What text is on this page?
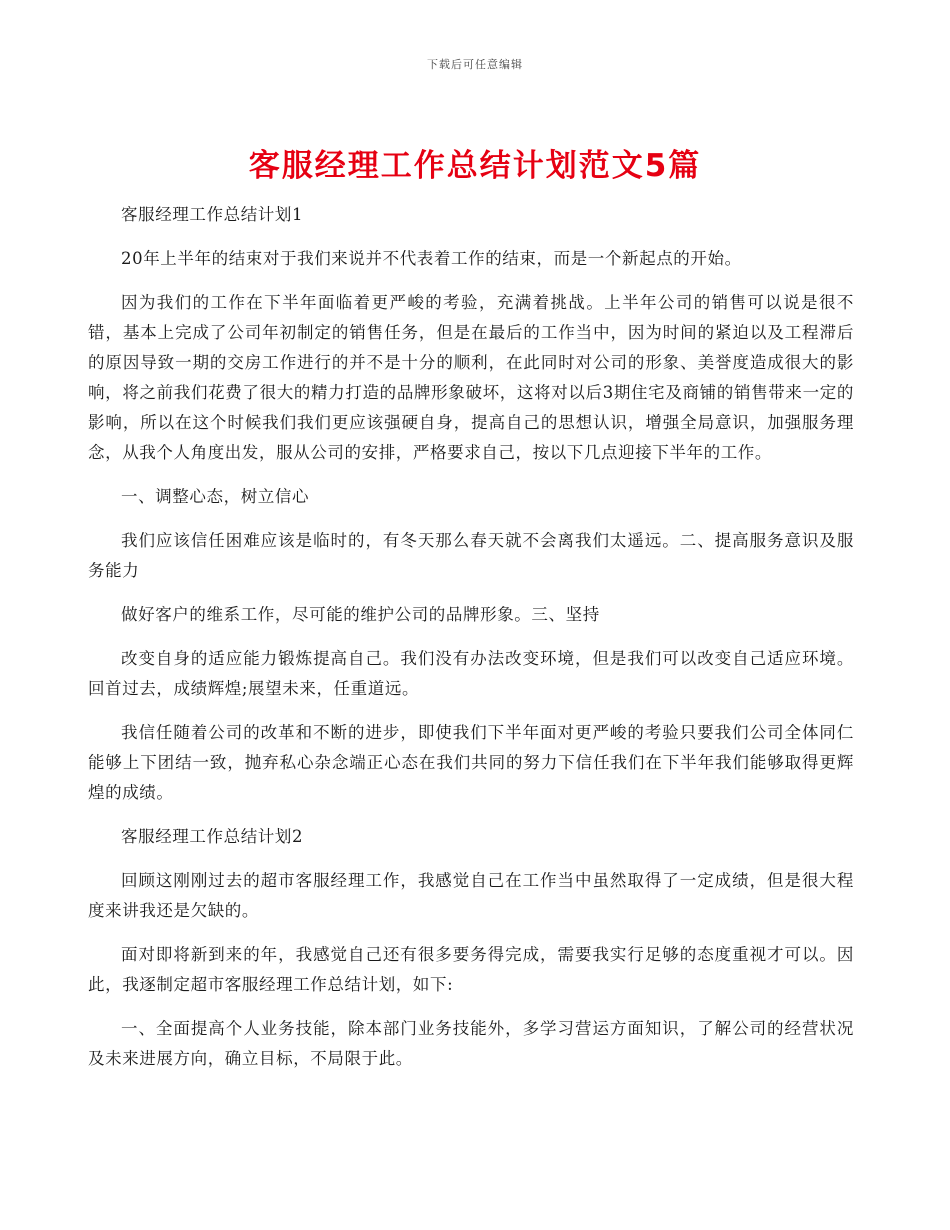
下载后可任意编辑
客服经理工作总结计划范文5篇

客服经理工作总结计划1

20年上半年的结束对于我们来说并不代表着工作的结束，而是一个新起点的开始。

因为我们的工作在下半年面临着更严峻的考验，充满着挑战。上半年公司的销售可以说是很不错，基本上完成了公司年初制定的销售任务，但是在最后的工作当中，因为时间的紧迫以及工程滞后的原因导致一期的交房工作进行的并不是十分的顺利，在此同时对公司的形象、美誉度造成很大的影响，将之前我们花费了很大的精力打造的品牌形象破坏，这将对以后3期住宅及商铺的销售带来一定的影响，所以在这个时候我们我们更应该强硬自身，提高自己的思想认识，增强全局意识，加强服务理念，从我个人角度出发，服从公司的安排，严格要求自己，按以下几点迎接下半年的工作。

一、调整心态，树立信心

我们应该信任困难应该是临时的，有冬天那么春天就不会离我们太遥远。二、提高服务意识及服务能力

做好客户的维系工作，尽可能的维护公司的品牌形象。三、坚持

改变自身的适应能力锻炼提高自己。我们没有办法改变环境，但是我们可以改变自己适应环境。回首过去，成绩辉煌;展望未来，任重道远。

我信任随着公司的改革和不断的进步，即使我们下半年面对更严峻的考验只要我们公司全体同仁能够上下团结一致，抛弃私心杂念端正心态在我们共同的努力下信任我们在下半年我们能够取得更辉煌的成绩。

客服经理工作总结计划2

回顾这刚刚过去的超市客服经理工作，我感觉自己在工作当中虽然取得了一定成绩，但是很大程度来讲我还是欠缺的。

面对即将新到来的年，我感觉自己还有很多要务得完成，需要我实行足够的态度重视才可以。因此，我逐制定超市客服经理工作总结计划，如下:

一、全面提高个人业务技能，除本部门业务技能外，多学习营运方面知识，了解公司的经营状况及未来进展方向，确立目标，不局限于此。
